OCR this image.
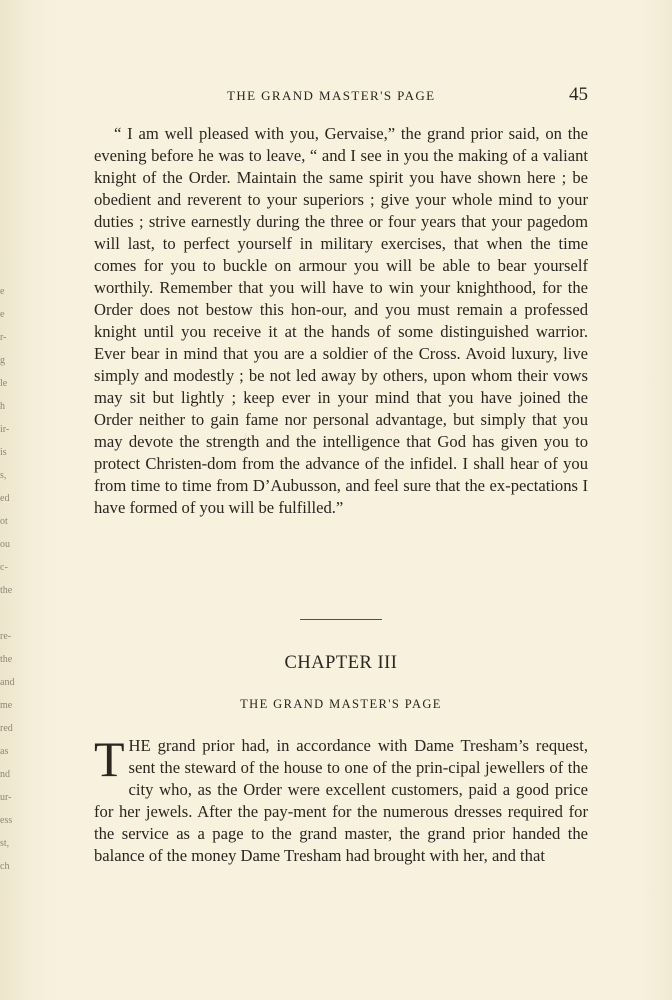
e
e
r-
g
le
h
ir-
is
s,
ed
ot
ou
c-
the

re-
the
and
me
red
as
nd
ur-
ess
st,
ch
THE GRAND MASTER'S PAGE	45

“ I am well pleased with you, Gervaise,” the grand prior said, on the evening before he was to leave, “ and I see in you the making of a valiant knight of the Order. Maintain the same spirit you have shown here ; be obedient and reverent to your superiors ; give your whole mind to your duties ; strive earnestly during the three or four years that your pagedom will last, to perfect yourself in military exercises, that when the time comes for you to buckle on armour you will be able to bear yourself worthily. Remember that you will have to win your knighthood, for the Order does not bestow this hon-our, and you must remain a professed knight until you receive it at the hands of some distinguished warrior. Ever bear in mind that you are a soldier of the Cross. Avoid luxury, live simply and modestly ; be not led away by others, upon whom their vows may sit but lightly ; keep ever in your mind that you have joined the Order neither to gain fame nor personal advantage, but simply that you may devote the strength and the intelligence that God has given you to protect Christen-dom from the advance of the infidel. I shall hear of you from time to time from D’Aubusson, and feel sure that the ex-pectations I have formed of you will be fulfilled.”

CHAPTER III
THE GRAND MASTER'S PAGE

THE grand prior had, in accordance with Dame Tresham’s request, sent the steward of the house to one of the prin-cipal jewellers of the city who, as the Order were excellent customers, paid a good price for her jewels. After the pay-ment for the numerous dresses required for the service as a page to the grand master, the grand prior handed the balance of the money Dame Tresham had brought with her, and that
